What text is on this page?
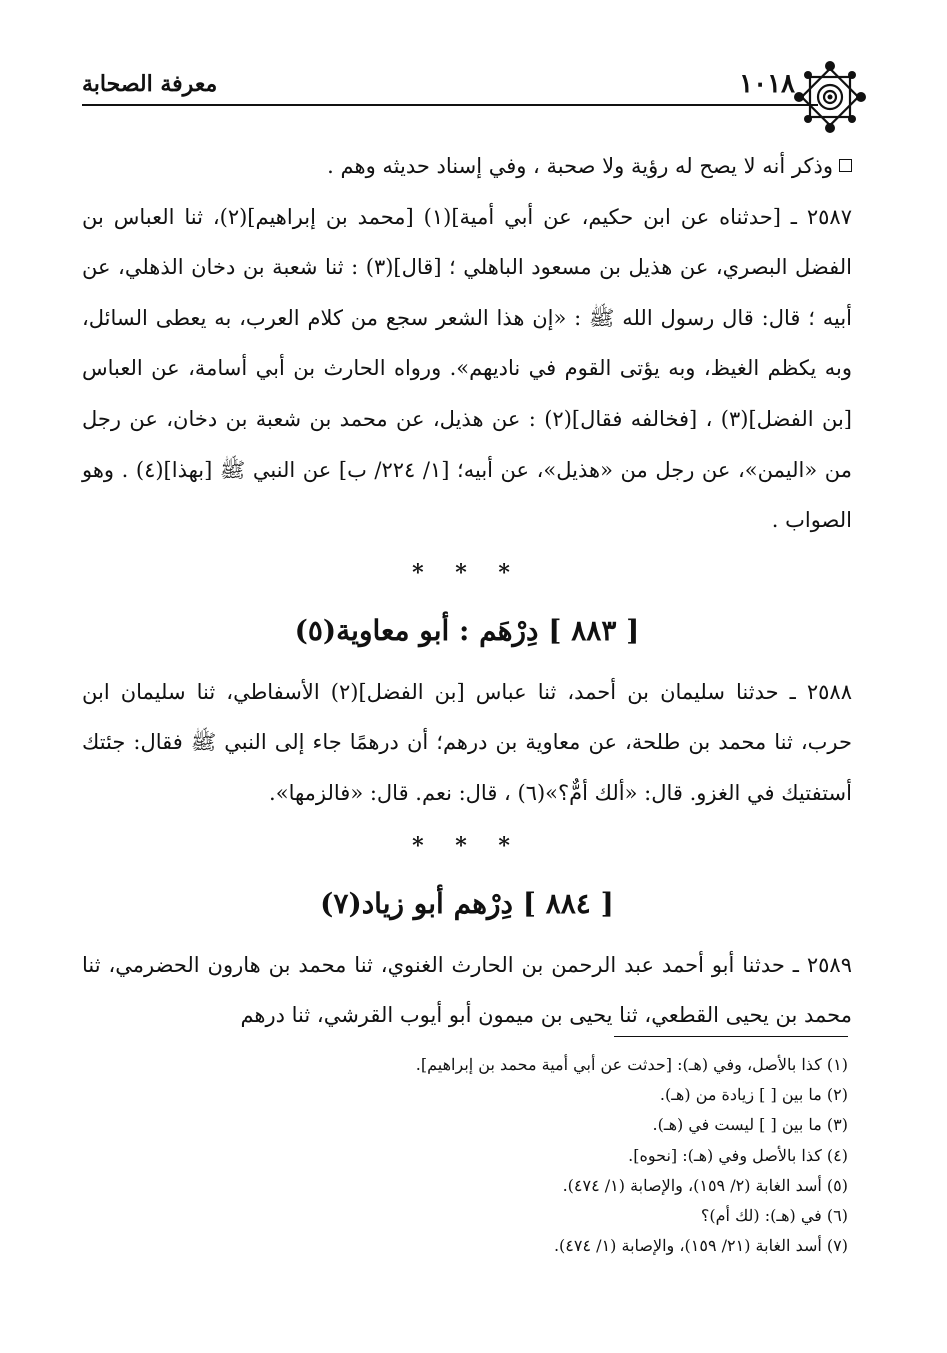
١٠١٨
معرفة الصحابة

وذكر أنه لا يصح له رؤية ولا صحبة ، وفي إسناد حديثه وهم .

٢٥٨٧ ـ [حدثناه عن ابن حكيم، عن أبي أمية](١) [محمد بن إبراهيم](٢)، ثنا العباس بن الفضل البصري، عن هذيل بن مسعود الباهلي ؛ [قال](٣) : ثنا شعبة بن دخان الذهلي، عن أبيه ؛ قال: قال رسول الله ﷺ : «إن هذا الشعر سجع من كلام العرب، به يعطى السائل، وبه يكظم الغيظ، وبه يؤتى القوم في ناديهم». ورواه الحارث بن أبي أسامة، عن العباس [بن الفضل](٣) ، [فخالفه فقال](٢) : عن هذيل، عن محمد بن شعبة بن دخان، عن رجل من «اليمن»، عن رجل من «هذيل»، عن أبيه؛ [١/ ٢٢٤/ ب] عن النبي ﷺ [بهذا](٤) . وهو الصواب .

* * *
[ ٨٨٣ ] دِرْهَم : أبو معاوية(٥)

٢٥٨٨ ـ حدثنا سليمان بن أحمد، ثنا عباس [بن الفضل](٢) الأسفاطي، ثنا سليمان ابن حرب، ثنا محمد بن طلحة، عن معاوية بن درهم؛ أن درهمًا جاء إلى النبي ﷺ فقال: جئتك أستفتيك في الغزو. قال: «ألك أمٌّ؟»(٦) ، قال: نعم. قال: «فالزمها».

* * *
[ ٨٨٤ ] دِرْهم أبو زياد(٧)

٢٥٨٩ ـ حدثنا أبو أحمد عبد الرحمن بن الحارث الغنوي، ثنا محمد بن هارون الحضرمي، ثنا محمد بن يحيى القطعي، ثنا يحيى بن ميمون أبو أيوب القرشي، ثنا درهم

(١) كذا بالأصل، وفي (هـ): [حدثت عن أبي أمية محمد بن إبراهيم].
(٢) ما بين [ ] زيادة من (هـ).
(٣) ما بين [ ] ليست في (هـ).
(٤) كذا بالأصل وفي (هـ): [نحوه].
(٥) أسد الغابة (٢/ ١٥٩)، والإصابة (١/ ٤٧٤).
(٦) في (هـ): (لك أم)؟
(٧) أسد الغابة (٢١/ ١٥٩)، والإصابة (١/ ٤٧٤).
